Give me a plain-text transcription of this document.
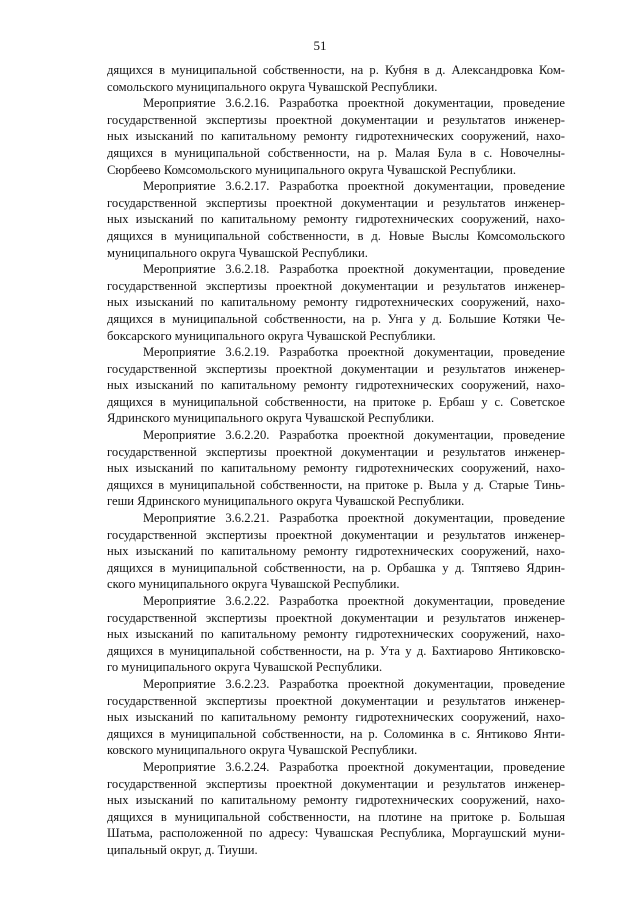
51
дящихся в муниципальной собственности, на р. Кубня в д. Александровка Ком-
сомольского муниципального округа Чувашской Республики.
Мероприятие 3.6.2.16. Разработка проектной документации, проведение
государственной экспертизы проектной документации и результатов инженер-
ных изысканий по капитальному ремонту гидротехнических сооружений, нахо-
дящихся в муниципальной собственности, на р. Малая Була в с. Новочелны-
Сюрбеево Комсомольского муниципального округа Чувашской Республики.
Мероприятие 3.6.2.17. Разработка проектной документации, проведение
государственной экспертизы проектной документации и результатов инженер-
ных изысканий по капитальному ремонту гидротехнических сооружений, нахо-
дящихся в муниципальной собственности, в д. Новые Выслы Комсомольского
муниципального округа Чувашской Республики.
Мероприятие 3.6.2.18. Разработка проектной документации, проведение
государственной экспертизы проектной документации и результатов инженер-
ных изысканий по капитальному ремонту гидротехнических сооружений, нахо-
дящихся в муниципальной собственности, на р. Унга у д. Большие Котяки Че-
боксарского муниципального округа Чувашской Республики.
Мероприятие 3.6.2.19. Разработка проектной документации, проведение
государственной экспертизы проектной документации и результатов инженер-
ных изысканий по капитальному ремонту гидротехнических сооружений, нахо-
дящихся в муниципальной собственности, на притоке р. Ербаш у с. Советское
Ядринского муниципального округа Чувашской Республики.
Мероприятие 3.6.2.20. Разработка проектной документации, проведение
государственной экспертизы проектной документации и результатов инженер-
ных изысканий по капитальному ремонту гидротехнических сооружений, нахо-
дящихся в муниципальной собственности, на притоке р. Выла у д. Старые Тинь-
геши Ядринского муниципального округа Чувашской Республики.
Мероприятие 3.6.2.21. Разработка проектной документации, проведение
государственной экспертизы проектной документации и результатов инженер-
ных изысканий по капитальному ремонту гидротехнических сооружений, нахо-
дящихся в муниципальной собственности, на р. Орбашка у д. Тяптяево Ядрин-
ского муниципального округа Чувашской Республики.
Мероприятие 3.6.2.22. Разработка проектной документации, проведение
государственной экспертизы проектной документации и результатов инженер-
ных изысканий по капитальному ремонту гидротехнических сооружений, нахо-
дящихся в муниципальной собственности, на р. Ута у д. Бахтиарово Янтиковско-
го муниципального округа Чувашской Республики.
Мероприятие 3.6.2.23. Разработка проектной документации, проведение
государственной экспертизы проектной документации и результатов инженер-
ных изысканий по капитальному ремонту гидротехнических сооружений, нахо-
дящихся в муниципальной собственности, на р. Соломинка в с. Янтиково Янти-
ковского муниципального округа Чувашской Республики.
Мероприятие 3.6.2.24. Разработка проектной документации, проведение
государственной экспертизы проектной документации и результатов инженер-
ных изысканий по капитальному ремонту гидротехнических сооружений, нахо-
дящихся в муниципальной собственности, на плотине на притоке р. Большая
Шатьма, расположенной по адресу: Чувашская Республика, Моргаушский муни-
ципальный округ, д. Тиуши.
